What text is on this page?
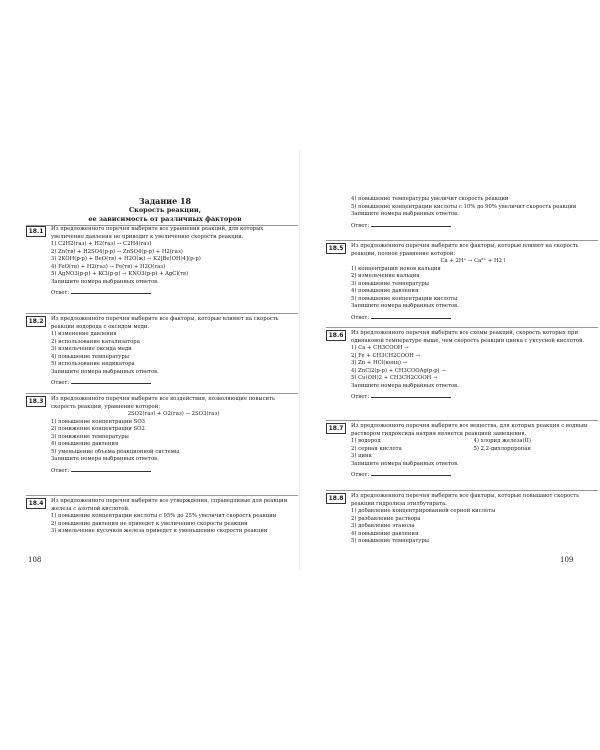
Задание 18
Скорость реакции,
ее зависимость от различных факторов
18.1	Из предложенного перечня выберите все уравнения реакций, для которых увеличение давления не приводит к увеличению скорости реакции.
1) C2H2(газ) + H2(газ) → C2H4(газ)
2) Zn(тв) + H2SO4(р-р) → ZnSO4(р-р) + H2(газ)
3) 2KOH(р-р) + BeO(тв) + H2O(ж) → K2[Be(OH)4](р-р)
4) FeO(тв) + H2(газ) → Fe(тв) + H2O(газ)
5) AgNO3(р-р) + KCl(р-р) → KNO3(р-р) + AgCl(тв)
Запишите номера выбранных ответов.
Ответ:
18.2	Из предложенного перечня выберите все факторы, которые влияют на скорость реакции водорода с оксидом меди.
1) изменение давления
2) использование катализатора
3) измельчение оксида меди
4) повышение температуры
5) использование индикатора
Запишите номера выбранных ответов.
Ответ:
18.3	Из предложенного перечня выберите все воздействия, позволяющие повысить скорость реакции, уравнение которой:
2SO2(газ) + O2(газ) → 2SO3(газ)
1) повышение концентрации SO3
2) понижение концентрации SO2
3) понижение температуры
4) повышение давления
5) уменьшение объема реакционной системы
Запишите номера выбранных ответов.
Ответ:
18.4	Из предложенного перечня выберите все утверждения, справедливые для реакции железа с азотной кислотой.
1) повышение концентрации кислоты с 95% до 25% увеличит скорость реакции
2) повышение давления не приведет к увеличению скорости реакции
3) измельчение кусочков железа приведет к уменьшению скорости реакции
108
4) повышение температуры увеличит скорость реакции
5) повышение концентрации кислоты с 10% до 90% увеличит скорость реакции
Запишите номера выбранных ответов.
Ответ:
18.5	Из предложенного перечня выберите все факторы, которые влияют на скорость реакции, полное уравнение которой:
Ca + 2H⁺ → Ca²⁺ + H2↑
1) концентрация ионов кальция
2) измельчение кальция
3) повышение температуры
4) повышение давления
5) повышение концентрации кислоты
Запишите номера выбранных ответов.
Ответ:
18.6	Из предложенного перечня выберите все схемы реакций, скорость которых при одинаковой температуре выше, чем скорость реакции цинка с уксусной кислотой.
1) Ca + CH3COOH →
2) Fe + CH3CH2COOH →
3) Zn + HCl(конц) →
4) ZnCl2(р-р) + CH3COOAg(р-р) →
5) Cu(OH)2 + CH3CH2COOH →
Запишите номера выбранных ответов.
Ответ:
18.7	Из предложенного перечня выберите все вещества, для которых реакция с водным раствором гидроксида натрия является реакцией замещения.
1) водород
2) серная кислота
3) цинк
4) хлорид железа(II)
5) 2,2-дихлорпропан
Запишите номера выбранных ответов.
Ответ:
18.8	Из предложенного перечня выберите все факторы, которые повышают скорость реакции гидролиза этилбутирата.
1) добавление концентрированной серной кислоты
2) разбавление раствора
3) добавление этанола
4) повышение давления
5) повышение температуры
109
